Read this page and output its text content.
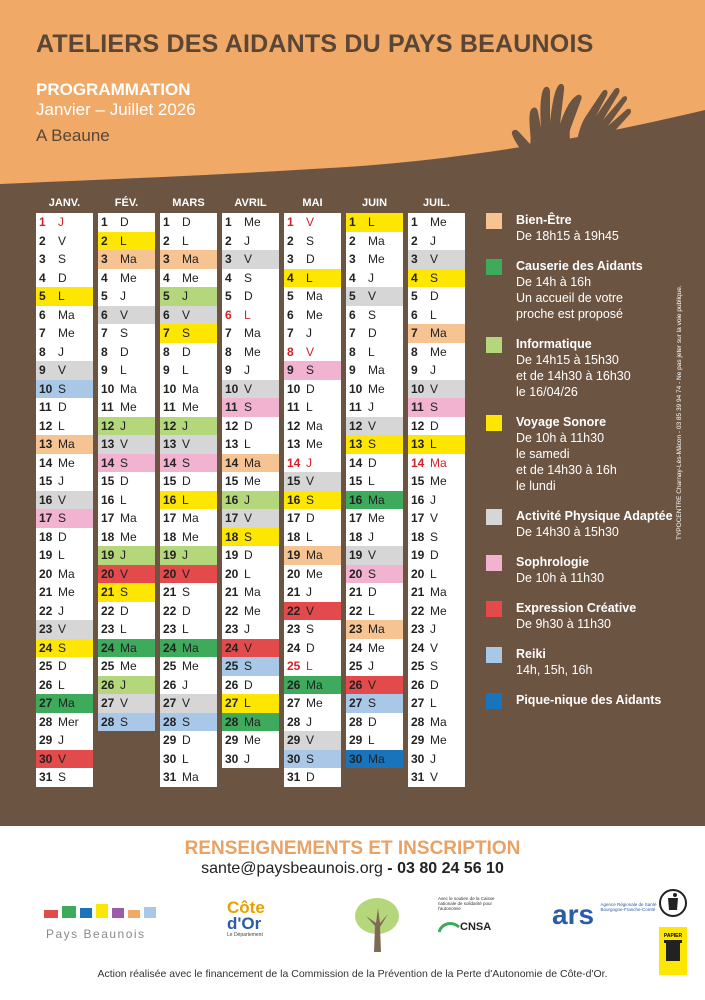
ATELIERS DES AIDANTS DU PAYS BEAUNOIS
PROGRAMMATION
Janvier – Juillet 2026
A Beaune
JANV.
1 J
2 V
3 S
4 D
5 L
6 Ma
7 Me
8 J
9 V
10 S
11 D
12 L
13 Ma
14 Me
15 J
16 V
17 S
18 D
19 L
20 Ma
21 Me
22 J
23 V
24 S
25 D
26 L
27 Ma
28 Mer
29 J
30 V
31 S
FÉV.
1 D
2 L
3 Ma
4 Me
5 J
6 V
7 S
8 D
9 L
10 Ma
11 Me
12 J
13 V
14 S
15 D
16 L
17 Ma
18 Me
19 J
20 V
21 S
22 D
23 L
24 Ma
25 Me
26 J
27 V
28 S
MARS
1 D
2 L
3 Ma
4 Me
5 J
6 V
7 S
8 D
9 L
10 Ma
11 Me
12 J
13 V
14 S
15 D
16 L
17 Ma
18 Me
19 J
20 V
21 S
22 D
23 L
24 Ma
25 Me
26 J
27 V
28 S
29 D
30 L
31 Ma
AVRIL
1 Me
2 J
3 V
4 S
5 D
6 L
7 Ma
8 Me
9 J
10 V
11 S
12 D
13 L
14 Ma
15 Me
16 J
17 V
18 S
19 D
20 L
21 Ma
22 Me
23 J
24 V
25 S
26 D
27 L
28 Ma
29 Me
30 J
MAI
1 V
2 S
3 D
4 L
5 Ma
6 Me
7 J
8 V
9 S
10 D
11 L
12 Ma
13 Me
14 J
15 V
16 S
17 D
18 L
19 Ma
20 Me
21 J
22 V
23 S
24 D
25 L
26 Ma
27 Me
28 J
29 V
30 S
31 D
JUIN
1 L
2 Ma
3 Me
4 J
5 V
6 S
7 D
8 L
9 Ma
10 Me
11 J
12 V
13 S
14 D
15 L
16 Ma
17 Me
18 J
19 V
20 S
21 D
22 L
23 Ma
24 Me
25 J
26 V
27 S
28 D
29 L
30 Ma
JUIL.
1 Me
2 J
3 V
4 S
5 D
6 L
7 Ma
8 Me
9 J
10 V
11 S
12 D
13 L
14 Ma
15 Me
16 J
17 V
18 S
19 D
20 L
21 Ma
22 Me
23 J
24 V
25 S
26 D
27 L
28 Ma
29 Me
30 J
31 V
Bien-Être
De 18h15 à 19h45
Causerie des Aidants
De 14h à 16h
Un accueil de votre
proche est proposé
Informatique
De 14h15 à 15h30
et de 14h30 à 16h30
le 16/04/26
Voyage Sonore
De 10h à 11h30
le samedi
et de 14h30 à 16h
le lundi
Activité Physique Adaptée
De 14h30 à 15h30
Sophrologie
De 10h à 11h30
Expression Créative
De 9h30 à 11h30
Reiki
14h, 15h, 16h
Pique-nique des Aidants
TYPOCENTRE Charnay-Lès-Mâcon - 03 85 39 94 74 - Ne pas jeter sur la voie publique.
RENSEIGNEMENTS ET INSCRIPTION
sante@paysbeaunois.org - 03 80 24 56 10
Pays Beaunois
Côte
d'Or
Le Département
Avec le soutien de la Caisse nationale de solidarité pour l'autonomie
CNSA ars Agence Régionale de Santé Bourgogne-Franche-Comté
PAPIER
Action réalisée avec le financement de la Commission de la Prévention de la Perte d'Autonomie de Côte-d'Or.
